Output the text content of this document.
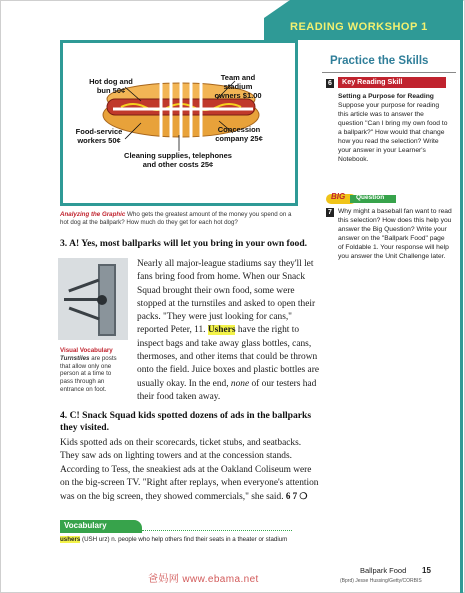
READING WORKSHOP 1
Hot dog and bun 50¢
Team and stadium owners $1.00
Food-service workers 50¢
Concession company 25¢
Cleaning supplies, telephones and other costs 25¢
Analyzing the Graphic Who gets the greatest amount of the money you spend on a hot dog at the ballpark? How much do they get for each hot dog?
3. A! Yes, most ballparks will let you bring in your own food.
Visual Vocabulary
Turnstiles are posts that allow only one person at a time to pass through an entrance on foot.
Nearly all major-league stadiums say they'll let fans bring food from home. When our Snack Squad brought their own food, some were stopped at the turnstiles and asked to open their packs. "They were just looking for cans," reported Peter, 11. Ushers have the right to inspect bags and take away glass bottles, cans, thermoses, and other items that could be thrown onto the field. Juice boxes and plastic bottles are usually okay. In the end, none of our testers had their food taken away.
4. C! Snack Squad kids spotted dozens of ads in the ballparks they visited.
Kids spotted ads on their scorecards, ticket stubs, and seatbacks. They saw ads on lighting towers and at the concession stands. According to Tess, the sneakiest ads at the Oakland Coliseum were on the big-screen TV. "Right after replays, when everyone's attention was on the big screen, they showed commercials," she said. 6 7 ❍
Vocabulary
ushers (USH urz) n. people who help others find their seats in a theater or stadium
Practice the Skills
6 Key Reading Skill
Setting a Purpose for Reading Suppose your purpose for reading this article was to answer the question "Can I bring my own food to a ballpark?" How would that change how you read the selection? Write your answer in your Learner's Notebook.
BIG Question
7 Why might a baseball fan want to read this selection? How does this help you answer the Big Question? Write your answer on the "Ballpark Food" page of Foldable 1. Your response will help you answer the Unit Challenge later.
Ballpark Food 15
(Bprd) Jesse Hussing/Getty/CORBIS
爸妈网 www.ebama.net
